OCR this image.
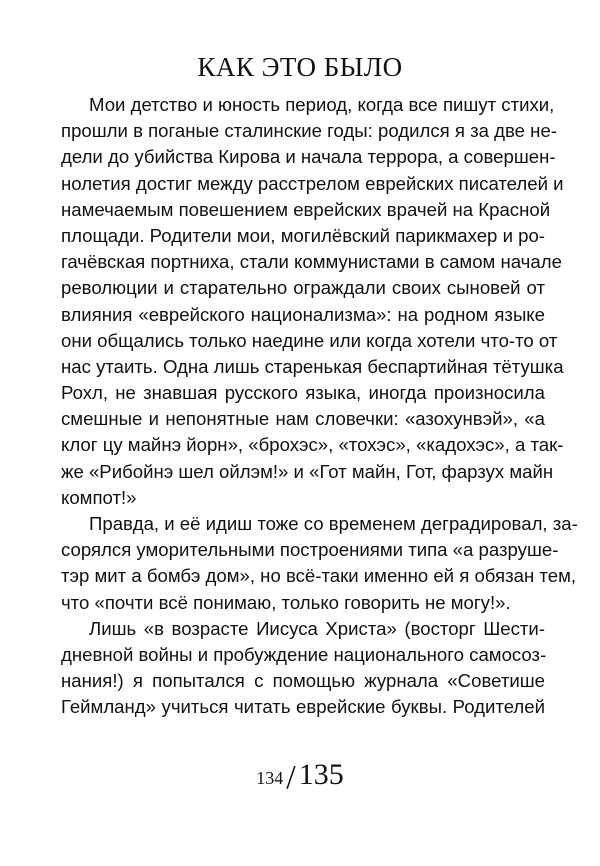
КАК ЭТО БЫЛО
Мои детство и юность период, когда все пишут стихи,
прошли в поганые сталинские годы: родился я за две не-
дели до убийства Кирова и начала террора, а совершен-
нолетия достиг между расстрелом еврейских писателей и
намечаемым повешением еврейских врачей на Красной
площади. Родители мои, могилёвский парикмахер и ро-
гачёвская портниха, стали коммунистами в самом начале
революции и старательно ограждали своих сыновей от
влияния «еврейского национализма»: на родном языке
они общались только наедине или когда хотели что-то от
нас утаить. Одна лишь старенькая беспартийная тётушка
Рохл, не знавшая русского языка, иногда произносила
смешные и непонятные нам словечки: «азохунвэй», «а
клог цу майнэ йорн», «брохэс», «тохэс», «кадохэс», а так-
же «Рибойнэ шел ойлэм!» и «Гот майн, Гот, фарзух майн
компот!»
Правда, и её идиш тоже со временем деградировал, за-
сорялся уморительными построениями типа «а разруше-
тэр мит а бомбэ дом», но всё-таки именно ей я обязан тем,
что «почти всё понимаю, только говорить не могу!».
Лишь «в возрасте Иисуса Христа» (восторг Шести-
дневной войны и пробуждение национального самосоз-
нания!) я попытался с помощью журнала «Советише
Геймланд» учиться читать еврейские буквы. Родителей
134/ 135
